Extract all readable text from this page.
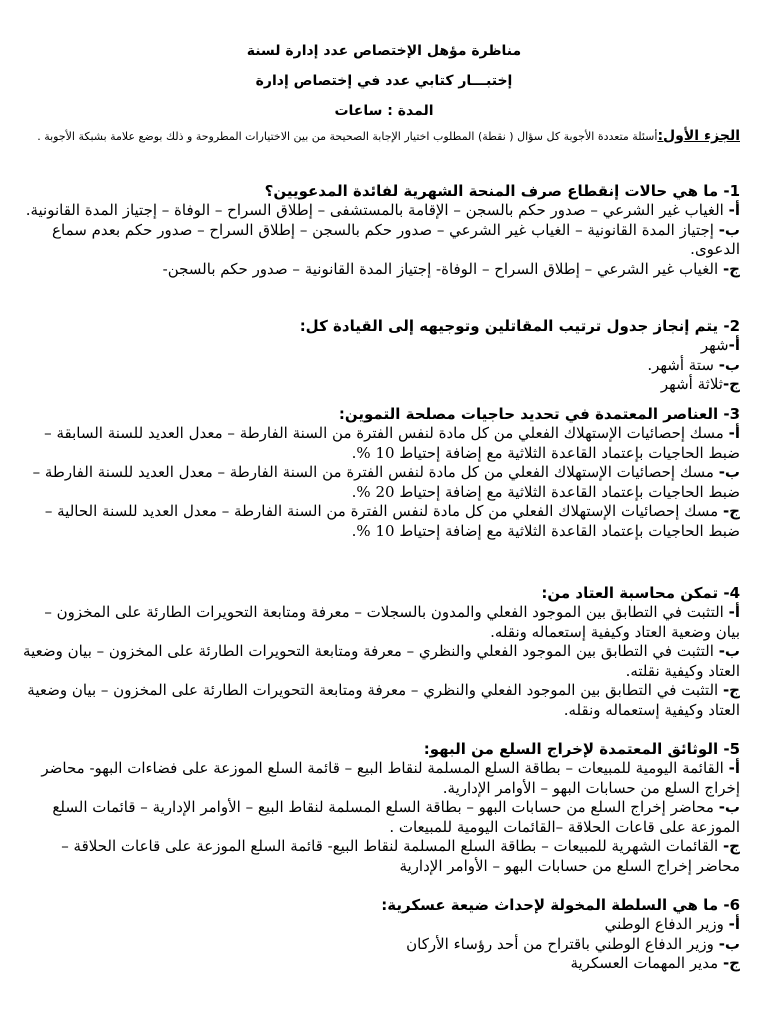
مناظرة مؤهل الإختصاص عدد إدارة لسنة
إختبـــار كتابي عدد في إختصاص إدارة
المدة : ساعات
الجزء الأول:أسئلة متعددة الأجوبة كل سؤال ( نقطة) المطلوب اختيار الإجابة الصحيحة من بين الاختيارات المطروحة و ذلك بوضع علامة بشبكة الأجوبة .
1- ما هي حالات إنقطاع صرف المنحة الشهرية لفائدة المدعويين؟
أ- الغياب غير الشرعي – صدور حكم بالسجن – الإقامة بالمستشفى – إطلاق السراح – الوفاة – إجتياز المدة القانونية.
ب- إجتياز المدة القانونية – الغياب غير الشرعي – صدور حكم بالسجن – إطلاق السراح – صدور حكم بعدم سماع الدعوى.
ج- الغياب غير الشرعي – إطلاق السراح – الوفاة- إجتياز المدة القانونية – صدور حكم بالسجن-
2- يتم إنجاز جدول ترتيب المقاتلين وتوجيهه إلى القيادة كل:
أ-شهر
ب- ستة أشهر.
ج-ثلاثة أشهر
3- العناصر المعتمدة في تحديد حاجيات مصلحة التموين:
أ- مسك إحصائيات الإستهلاك الفعلي من كل مادة لنفس الفترة من السنة الفارطة – معدل العديد للسنة السابقة – ضبط الحاجيات بإعتماد القاعدة الثلاثية مع إضافة إحتياط 10 %.
ب- مسك إحصائيات الإستهلاك الفعلي من كل مادة لنفس الفترة من السنة الفارطة – معدل العديد للسنة الفارطة – ضبط الحاجيات بإعتماد القاعدة الثلاثية مع إضافة إحتياط 20 %.
ج- مسك إحصائيات الإستهلاك الفعلي من كل مادة لنفس الفترة من السنة الفارطة – معدل العديد للسنة الحالية – ضبط الحاجيات بإعتماد القاعدة الثلاثية مع إضافة إحتياط 10 %.
4- تمكن محاسبة العتاد من:
أ- التثبت في التطابق بين الموجود الفعلي والمدون بالسجلات – معرفة ومتابعة التحويرات الطارئة على المخزون – بيان وضعية العتاد وكيفية إستعماله ونقله.
ب- التثبت في التطابق بين الموجود الفعلي والنظري – معرفة ومتابعة التحويرات الطارئة على المخزون – بيان وضعية العتاد وكيفية نقلته.
ج- التثبت في التطابق بين الموجود الفعلي والنظري – معرفة ومتابعة التحويرات الطارئة على المخزون – بيان وضعية العتاد وكيفية إستعماله ونقله.
5- الوثائق المعتمدة لإخراج السلع من البهو:
أ- القائمة اليومية للمبيعات – بطاقة السلع المسلمة لنقاط البيع – قائمة السلع الموزعة على فضاءات البهو- محاضر إخراج السلع من حسابات البهو – الأوامر الإدارية.
ب- محاضر إخراج السلع من حسابات البهو – بطاقة السلع المسلمة لنقاط البيع – الأوامر الإدارية – قائمات السلع الموزعة على قاعات الحلاقة –القائمات اليومية للمبيعات .
ج- القائمات الشهرية للمبيعات – بطاقة السلع المسلمة لنقاط البيع- قائمة السلع الموزعة على قاعات الحلاقة – محاضر إخراج السلع من حسابات البهو – الأوامر الإدارية
6- ما هي السلطة المخولة لإحداث ضيعة عسكرية:
أ- وزير الدفاع الوطني
ب- وزير الدفاع الوطني باقتراح من أحد رؤساء الأركان
ج- مدير المهمات العسكرية
